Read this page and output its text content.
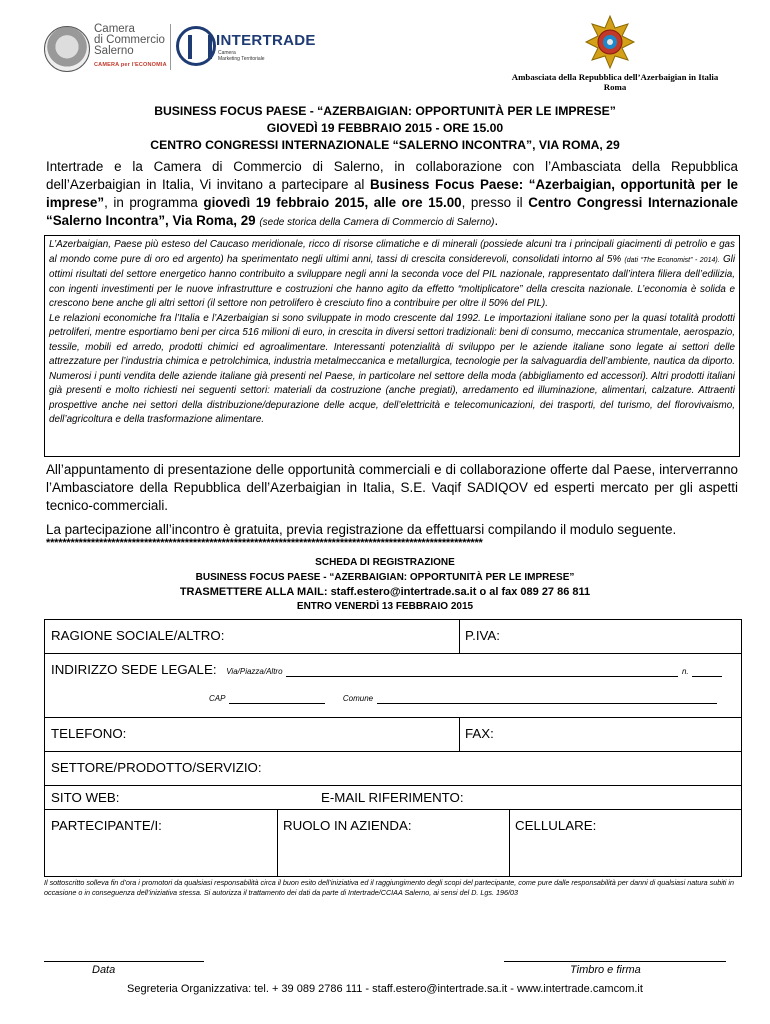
Camera
di Commercio
Salerno
CAMERA per l'ECONOMIA
INTERTRADE
Camera
Marketing Territoriale
Ambasciata della Repubblica dell’Azerbaigian in Italia
Roma
BUSINESS FOCUS PAESE - “AZERBAIGIAN: OPPORTUNITÀ PER LE IMPRESE”
GIOVEDÌ 19 FEBBRAIO 2015 - ORE 15.00
CENTRO CONGRESSI INTERNAZIONALE “SALERNO INCONTRA”, VIA ROMA, 29
Intertrade e la Camera di Commercio di Salerno, in collaborazione con l’Ambasciata della Repubblica dell’Azerbaigian in Italia, Vi invitano a partecipare al Business Focus Paese: “Azerbaigian, opportunità per le imprese”, in programma giovedì 19 febbraio 2015, alle ore 15.00, presso il Centro Congressi Internazionale “Salerno Incontra”, Via Roma, 29 (sede storica della Camera di Commercio di Salerno).

L’Azerbaigian, Paese più esteso del Caucaso meridionale, ricco di risorse climatiche e di minerali (possiede alcuni tra i principali giacimenti di petrolio e gas al mondo come pure di oro ed argento) ha sperimentato negli ultimi anni, tassi di crescita considerevoli, consolidati intorno al 5% (dati “The Economist” - 2014). Gli ottimi risultati del settore energetico hanno contribuito a sviluppare negli anni la seconda voce del PIL nazionale, rappresentato dall’intera filiera dell’edilizia, con ingenti investimenti per le nuove infrastrutture e costruzioni che hanno agito da effetto “moltiplicatore” della crescita nazionale. L’economia è solida e crescono bene anche gli altri settori (il settore non petrolifero è cresciuto fino a contribuire per oltre il 50% del PIL).

Le relazioni economiche fra l’Italia e l’Azerbaigian si sono sviluppate in modo crescente dal 1992. Le importazioni italiane sono per la quasi totalità prodotti petroliferi, mentre esportiamo beni per circa 516 milioni di euro, in crescita in diversi settori tradizionali: beni di consumo, meccanica strumentale, aerospazio, tessile, mobili ed arredo, prodotti chimici ed agroalimentare. Interessanti potenzialità di sviluppo per le aziende italiane sono legate ai settori delle attrezzature per l’industria chimica e petrolchimica, industria metalmeccanica e metallurgica, tecnologie per la salvaguardia dell’ambiente, nautica da diporto. Numerosi i punti vendita delle aziende italiane già presenti nel Paese, in particolare nel settore della moda (abbigliamento ed accessori). Altri prodotti italiani già presenti e molto richiesti nei seguenti settori: materiali da costruzione (anche pregiati), arredamento ed illuminazione, alimentari, calzature. Attraenti prospettive anche nei settori della distribuzione/depurazione delle acque, dell’elettricità e telecomunicazioni, dei trasporti, del turismo, del florovivaismo, dell’agricoltura e della trasformazione alimentare.

All’appuntamento di presentazione delle opportunità commerciali e di collaborazione offerte dal Paese, interverranno l’Ambasciatore della Repubblica dell’Azerbaigian in Italia, S.E. Vaqif SADIQOV ed esperti mercato per gli aspetti tecnico-commerciali.
La partecipazione all’incontro è gratuita, previa registrazione da effettuarsi compilando il modulo seguente.
***********************************************************************************************************
SCHEDA DI REGISTRAZIONE
BUSINESS FOCUS PAESE - “AZERBAIGIAN: OPPORTUNITÀ PER LE IMPRESE”
TRASMETTERE ALLA MAIL: staff.estero@intertrade.sa.it o al fax 089 27 86 811
ENTRO VENERDÌ 13 FEBBRAIO 2015
RAGIONE SOCIALE/ALTRO:	P.IVA:
INDIRIZZO SEDE LEGALE: Via/Piazza/Altro	n.
CAP	Comune
TELEFONO:	FAX:
SETTORE/PRODOTTO/SERVIZIO:
SITO WEB:	E-MAIL RIFERIMENTO:
PARTECIPANTE/I:	RUOLO IN AZIENDA:	CELLULARE:
Il sottoscritto solleva fin d’ora i promotori da qualsiasi responsabilità circa il buon esito dell’iniziativa ed il raggiungimento degli scopi del partecipante, come pure dalle responsabilità per danni di qualsiasi natura subiti in occasione o in conseguenza dell’iniziativa stessa. Si autorizza il trattamento dei dati da parte di Intertrade/CCIAA Salerno, ai sensi del D. Lgs. 196/03
Data	Timbro e firma
Segreteria Organizzativa: tel. + 39 089 2786 111 - staff.estero@intertrade.sa.it - www.intertrade.camcom.it
